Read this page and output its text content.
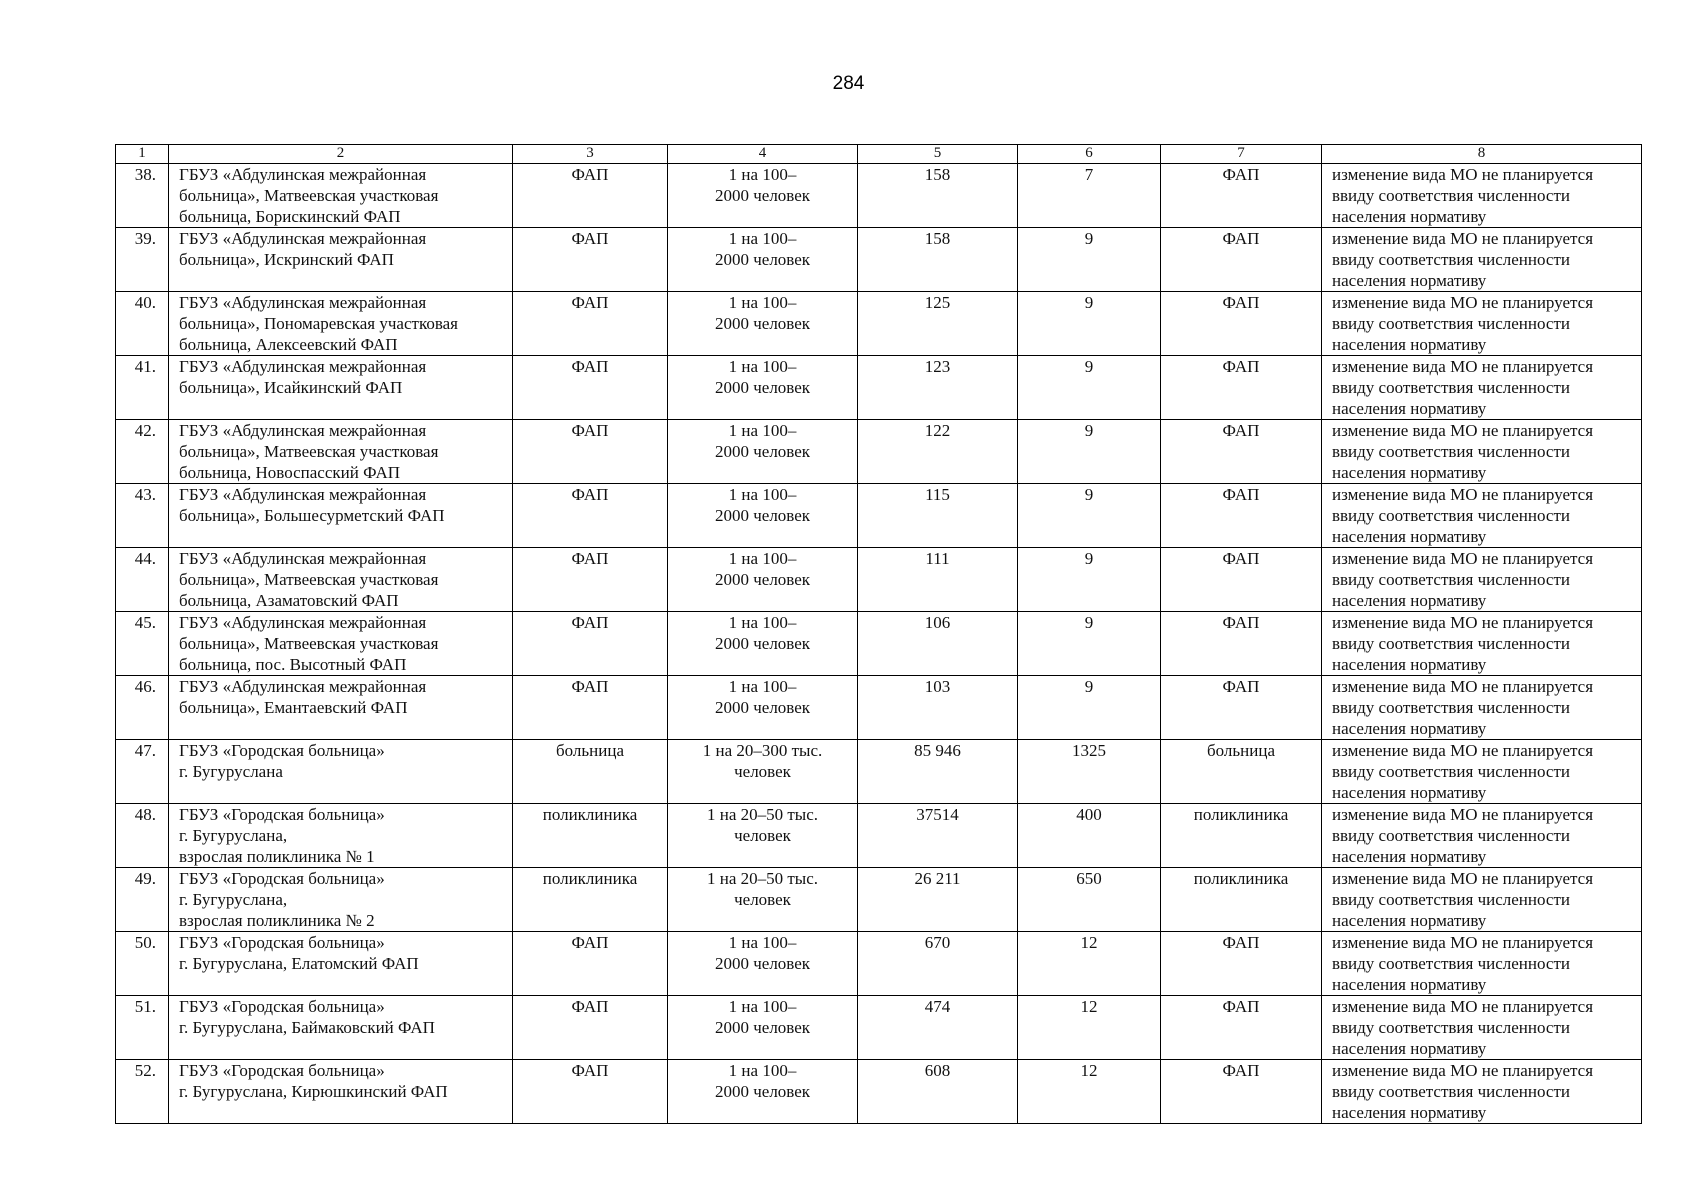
284
1	2	3	4	5	6	7	8
38.	ГБУЗ «Абдулинская межрайонная
больница», Матвеевская участковая
больница, Борискинский ФАП	ФАП	1 на 100–
2000 человек	158	7	ФАП	изменение вида МО не планируется
ввиду соответствия численности
населения нормативу
39.	ГБУЗ «Абдулинская межрайонная
больница», Искринский ФАП	ФАП	1 на 100–
2000 человек	158	9	ФАП	изменение вида МО не планируется
ввиду соответствия численности
населения нормативу
40.	ГБУЗ «Абдулинская межрайонная
больница», Пономаревская участковая
больница, Алексеевский ФАП	ФАП	1 на 100–
2000 человек	125	9	ФАП	изменение вида МО не планируется
ввиду соответствия численности
населения нормативу
41.	ГБУЗ «Абдулинская межрайонная
больница», Исайкинский ФАП	ФАП	1 на 100–
2000 человек	123	9	ФАП	изменение вида МО не планируется
ввиду соответствия численности
населения нормативу
42.	ГБУЗ «Абдулинская межрайонная
больница», Матвеевская участковая
больница, Новоспасский ФАП	ФАП	1 на 100–
2000 человек	122	9	ФАП	изменение вида МО не планируется
ввиду соответствия численности
населения нормативу
43.	ГБУЗ «Абдулинская межрайонная
больница», Большесурметский ФАП	ФАП	1 на 100–
2000 человек	115	9	ФАП	изменение вида МО не планируется
ввиду соответствия численности
населения нормативу
44.	ГБУЗ «Абдулинская межрайонная
больница», Матвеевская участковая
больница, Азаматовский ФАП	ФАП	1 на 100–
2000 человек	111	9	ФАП	изменение вида МО не планируется
ввиду соответствия численности
населения нормативу
45.	ГБУЗ «Абдулинская межрайонная
больница», Матвеевская участковая
больница, пос. Высотный ФАП	ФАП	1 на 100–
2000 человек	106	9	ФАП	изменение вида МО не планируется
ввиду соответствия численности
населения нормативу
46.	ГБУЗ «Абдулинская межрайонная
больница», Емантаевский ФАП	ФАП	1 на 100–
2000 человек	103	9	ФАП	изменение вида МО не планируется
ввиду соответствия численности
населения нормативу
47.	ГБУЗ «Городская больница»
г. Бугуруслана	больница	1 на 20–300 тыс.
человек	85 946	1325	больница	изменение вида МО не планируется
ввиду соответствия численности
населения нормативу
48.	ГБУЗ «Городская больница»
г. Бугуруслана,
взрослая поликлиника № 1	поликлиника	1 на 20–50 тыс.
человек	37514	400	поликлиника	изменение вида МО не планируется
ввиду соответствия численности
населения нормативу
49.	ГБУЗ «Городская больница»
г. Бугуруслана,
взрослая поликлиника № 2	поликлиника	1 на 20–50 тыс.
человек	26 211	650	поликлиника	изменение вида МО не планируется
ввиду соответствия численности
населения нормативу
50.	ГБУЗ «Городская больница»
г. Бугуруслана, Елатомский ФАП	ФАП	1 на 100–
2000 человек	670	12	ФАП	изменение вида МО не планируется
ввиду соответствия численности
населения нормативу
51.	ГБУЗ «Городская больница»
г. Бугуруслана, Баймаковский ФАП	ФАП	1 на 100–
2000 человек	474	12	ФАП	изменение вида МО не планируется
ввиду соответствия численности
населения нормативу
52.	ГБУЗ «Городская больница»
г. Бугуруслана, Кирюшкинский ФАП	ФАП	1 на 100–
2000 человек	608	12	ФАП	изменение вида МО не планируется
ввиду соответствия численности
населения нормативу
